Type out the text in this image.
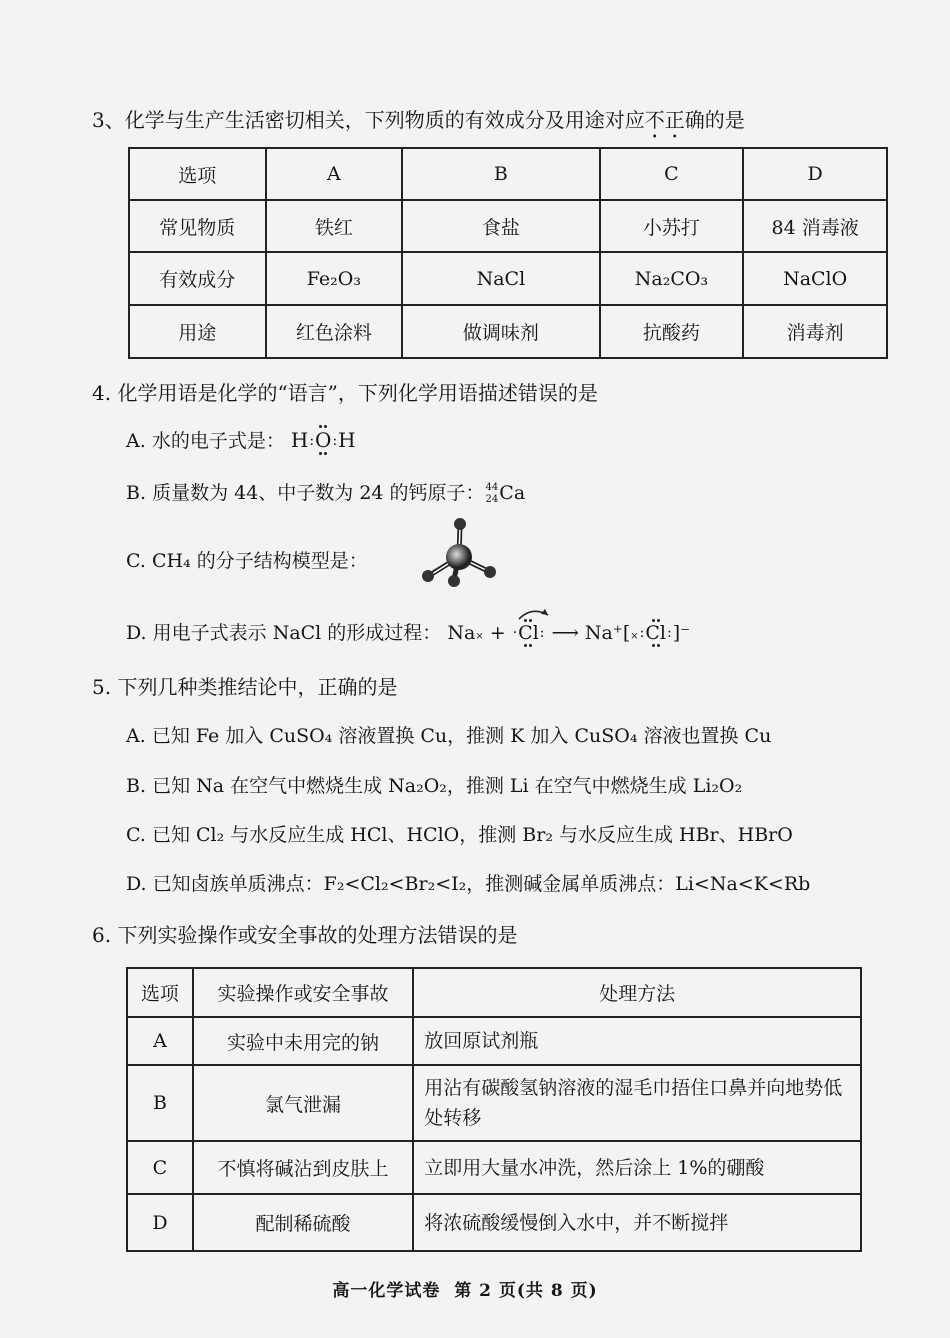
3、化学与生产生活密切相关，下列物质的有效成分及用途对应不正确的是
选项	A	B	C	D
常见物质	铁红	食盐	小苏打	84 消毒液
有效成分	Fe₂O₃	NaCl	Na₂CO₃	NaClO
用途	红色涂料	做调味剂	抗酸药	消毒剂
4. 化学用语是化学的“语言”，下列化学用语描述错误的是
A. 水的电子式是： H:
O
:H
B. 质量数为 44、中子数为 24 的钙原子： 44
24 Ca
C. CH₄ 的分子结构模型是：
D. 用电子式表示 NaCl 的形成过程： Na× + ·
Cl
: ⟶ Na⁺[×:
Cl
:]⁻
5. 下列几种类推结论中，正确的是
A. 已知 Fe 加入 CuSO₄ 溶液置换 Cu，推测 K 加入 CuSO₄ 溶液也置换 Cu
B. 已知 Na 在空气中燃烧生成 Na₂O₂，推测 Li 在空气中燃烧生成 Li₂O₂
C. 已知 Cl₂ 与水反应生成 HCl、HClO，推测 Br₂ 与水反应生成 HBr、HBrO
D. 已知卤族单质沸点：F₂<Cl₂<Br₂<I₂，推测碱金属单质沸点：Li<Na<K<Rb
6. 下列实验操作或安全事故的处理方法错误的是
选项	实验操作或安全事故	处理方法
A	实验中未用完的钠	放回原试剂瓶
B	氯气泄漏	用沾有碳酸氢钠溶液的湿毛巾捂住口鼻并向地势低处转移
C	不慎将碱沾到皮肤上	立即用大量水冲洗，然后涂上 1%的硼酸
D	配制稀硫酸	将浓硫酸缓慢倒入水中，并不断搅拌
高一化学试卷  第 2 页(共 8 页)
